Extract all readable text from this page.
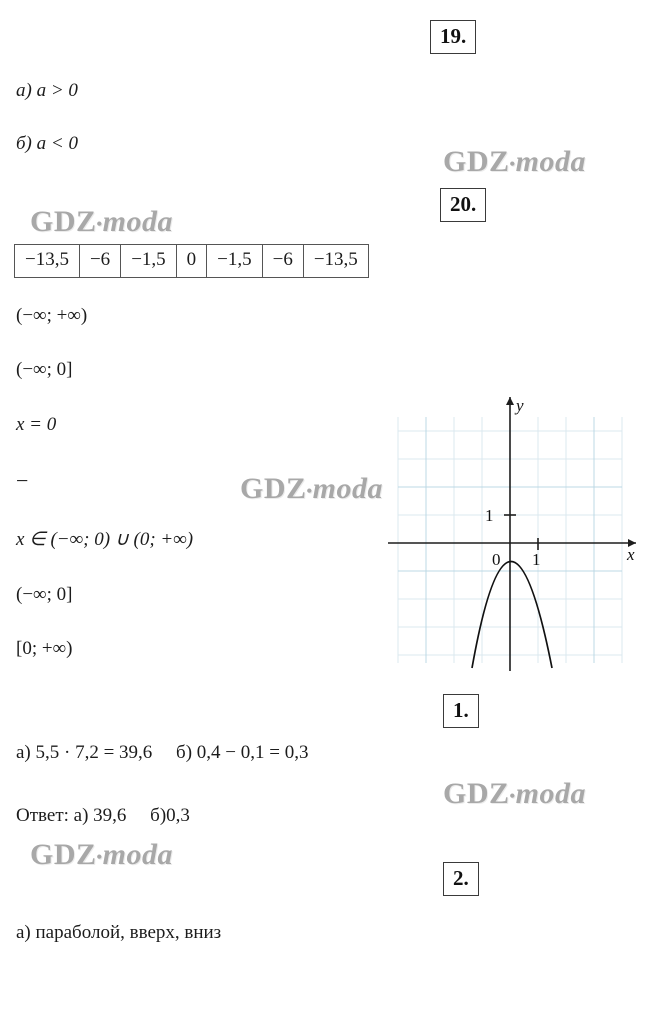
19.
20.
1.
2.
а) а > 0
б) а < 0
−13,5	−6	−1,5	0	−1,5	−6	−13,5
(−∞; +∞)
(−∞; 0]
x = 0
−
x ∈ (−∞; 0) ∪ (0; +∞)
(−∞; 0]
[0; +∞)
а) 5,5 · 7,2 = 39,6  б) 0,4 − 0,1 = 0,3
Ответ: а) 39,6  б)0,3
а) параболой, вверх, вниз
x
y
0 1
1
GDZ•moda
GDZ•moda
GDZ•moda
GDZ•moda
GDZ•moda
